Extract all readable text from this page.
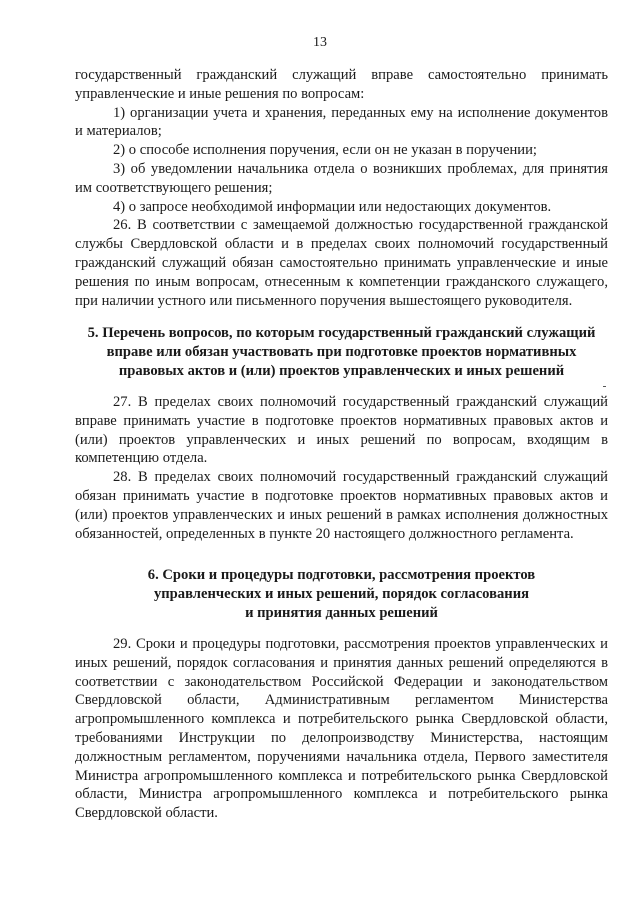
13

государственный гражданский служащий вправе самостоятельно принимать управленческие и иные решения по вопросам:

1) организации учета и хранения, переданных ему на исполнение документов и материалов;

2) о способе исполнения поручения, если он не указан в поручении;

3) об уведомлении начальника отдела о возникших проблемах, для принятия им соответствующего решения;

4) о запросе необходимой информации или недостающих документов.

26. В соответствии с замещаемой должностью государственной гражданской службы Свердловской области и в пределах своих полномочий государственный гражданский служащий обязан самостоятельно принимать управленческие и иные решения по иным вопросам, отнесенным к компетенции гражданского служащего, при наличии устного или письменного поручения вышестоящего руководителя.

5. Перечень вопросов, по которым государственный гражданский служащий
вправе или обязан участвовать при подготовке проектов нормативных
правовых актов и (или) проектов управленческих и иных решений

27. В пределах своих полномочий государственный гражданский служащий вправе принимать участие в подготовке проектов нормативных правовых актов и (или) проектов управленческих и иных решений по вопросам, входящим в компетенцию отдела.

28. В пределах своих полномочий государственный гражданский служащий обязан принимать участие в подготовке проектов нормативных правовых актов и (или) проектов управленческих и иных решений в рамках исполнения должностных обязанностей, определенных в пункте 20 настоящего должностного регламента.

6. Сроки и процедуры подготовки, рассмотрения проектов
управленческих и иных решений, порядок согласования
и принятия данных решений

29. Сроки и процедуры подготовки, рассмотрения проектов управленческих и иных решений, порядок согласования и принятия данных решений определяются в соответствии с законодательством Российской Федерации и законодательством Свердловской области, Административным регламентом Министерства агропромышленного комплекса и потребительского рынка Свердловской области, требованиями Инструкции по делопроизводству Министерства, настоящим должностным регламентом, поручениями начальника отдела, Первого заместителя Министра агропромышленного комплекса и потребительского рынка Свердловской области, Министра агропромышленного комплекса и потребительского рынка Свердловской области.
